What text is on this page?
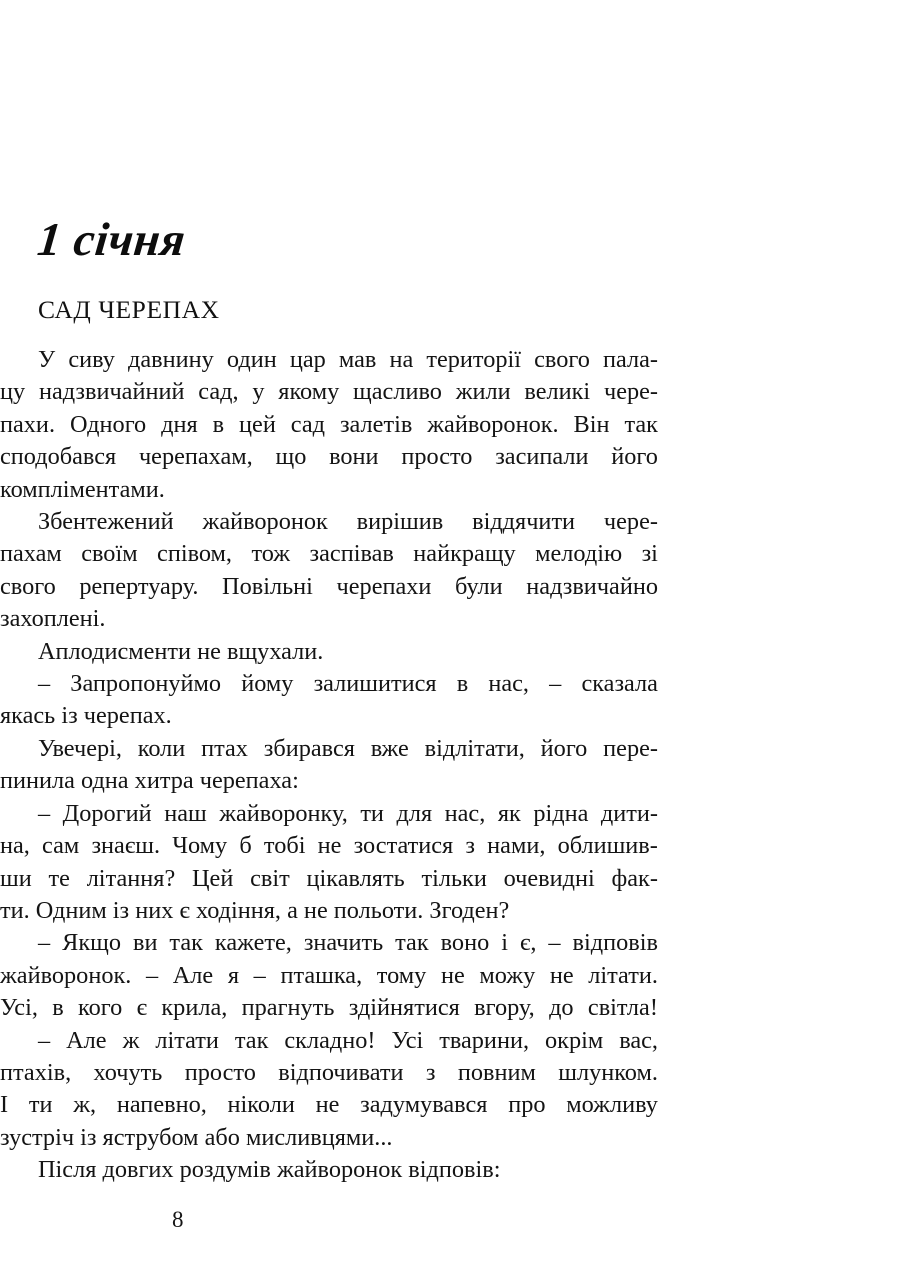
1 січня
САД ЧЕРЕПАХ

У сиву давнину один цар мав на території свого пала-
цу надзвичайний сад, у якому щасливо жили великі чере-
пахи. Одного дня в цей сад залетів жайворонок. Він так
сподобався черепахам, що вони просто засипали його
компліментами.

Збентежений жайворонок вирішив віддячити чере-
пахам своїм співом, тож заспівав найкращу мелодію зі
свого репертуару. Повільні черепахи були надзвичайно
захоплені.

Аплодисменти не вщухали.

– Запропонуймо йому залишитися в нас, – сказала
якась із черепах.

Увечері, коли птах збирався вже відлітати, його пере-
пинила одна хитра черепаха:

– Дорогий наш жайворонку, ти для нас, як рідна дити-
на, сам знаєш. Чому б тобі не зостатися з нами, облишив-
ши те літання? Цей світ цікавлять тільки очевидні фак-
ти. Одним із них є ходіння, а не польоти. Згоден?

– Якщо ви так кажете, значить так воно і є, – відповів
жайворонок. – Але я – пташка, тому не можу не літати.
Усі, в кого є крила, прагнуть здійнятися вгору, до світла!

– Але ж літати так складно! Усі тварини, окрім вас,
птахів, хочуть просто відпочивати з повним шлунком.
І ти ж, напевно, ніколи не задумувався про можливу
зустріч із яструбом або мисливцями...

Після довгих роздумів жайворонок відповів:

8
